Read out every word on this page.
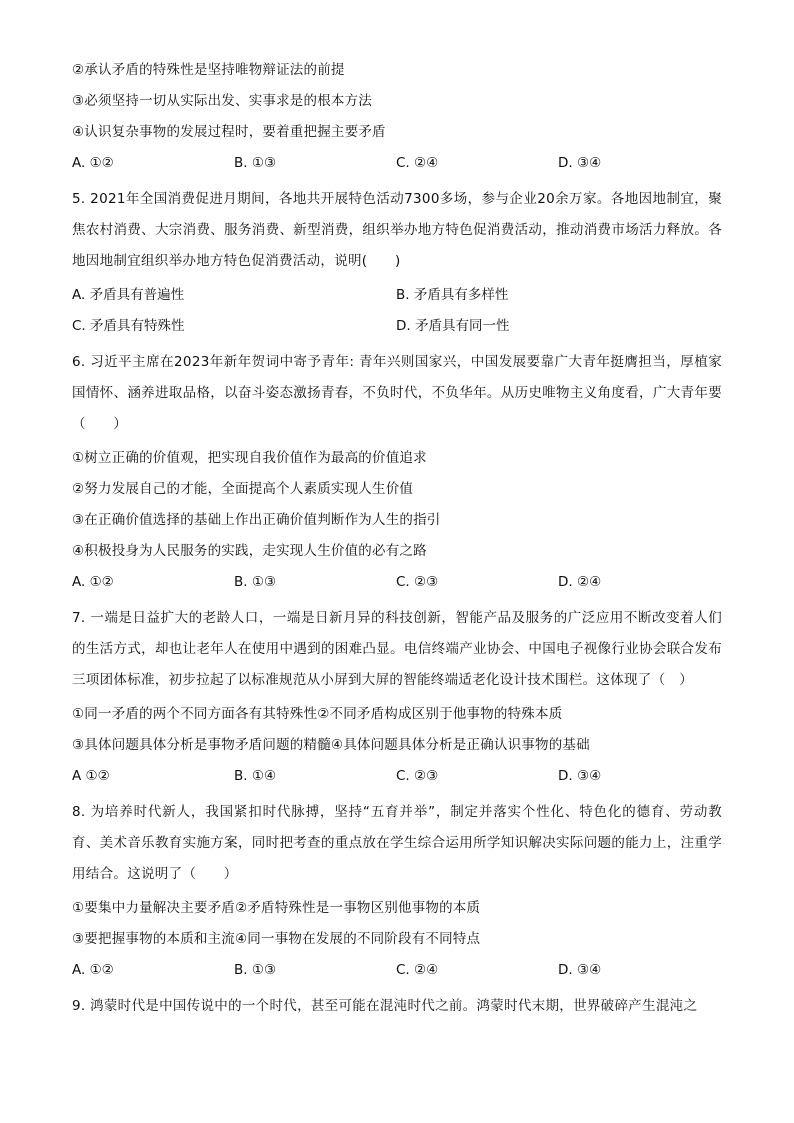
②承认矛盾的特殊性是坚持唯物辩证法的前提
③必须坚持一切从实际出发、实事求是的根本方法
④认识复杂事物的发展过程时，要着重把握主要矛盾
A. ①②	B. ①③	C. ②④	D. ③④
5. 2021年全国消费促进月期间，各地共开展特色活动7300多场，参与企业20余万家。各地因地制宜，聚焦农村消费、大宗消费、服务消费、新型消费，组织举办地方特色促消费活动，推动消费市场活力释放。各地因地制宜组织举办地方特色促消费活动，说明(　　)
A. 矛盾具有普遍性	B. 矛盾具有多样性
C. 矛盾具有特殊性	D. 矛盾具有同一性
6. 习近平主席在2023年新年贺词中寄予青年: 青年兴则国家兴，中国发展要靠广大青年挺膺担当，厚植家国情怀、涵养进取品格，以奋斗姿态激扬青春，不负时代，不负华年。从历史唯物主义角度看，广大青年要（　　）
①树立正确的价值观，把实现自我价值作为最高的价值追求
②努力发展自己的才能，全面提高个人素质实现人生价值
③在正确价值选择的基础上作出正确价值判断作为人生的指引
④积极投身为人民服务的实践，走实现人生价值的必有之路
A. ①②	B. ①③	C. ②③	D. ②④
7. 一端是日益扩大的老龄人口，一端是日新月异的科技创新，智能产品及服务的广泛应用不断改变着人们的生活方式，却也让老年人在使用中遇到的困难凸显。电信终端产业协会、中国电子视像行业协会联合发布三项团体标准，初步拉起了以标准规范从小屏到大屏的智能终端适老化设计技术围栏。这体现了（　）
①同一矛盾的两个不同方面各有其特殊性②不同矛盾构成区别于他事物的特殊本质
③具体问题具体分析是事物矛盾问题的精髓④具体问题具体分析是正确认识事物的基础
A ①②	B. ①④	C. ②③	D. ③④
8. 为培养时代新人，我国紧扣时代脉搏，坚持“五育并举”，制定并落实个性化、特色化的德育、劳动教育、美术音乐教育实施方案，同时把考查的重点放在学生综合运用所学知识解决实际问题的能力上，注重学用结合。这说明了（　　）
①要集中力量解决主要矛盾②矛盾特殊性是一事物区别他事物的本质
③要把握事物的本质和主流④同一事物在发展的不同阶段有不同特点
A. ①②	B. ①③	C. ②④	D. ③④
9. 鸿蒙时代是中国传说中的一个时代，甚至可能在混沌时代之前。鸿蒙时代末期，世界破碎产生混沌之
